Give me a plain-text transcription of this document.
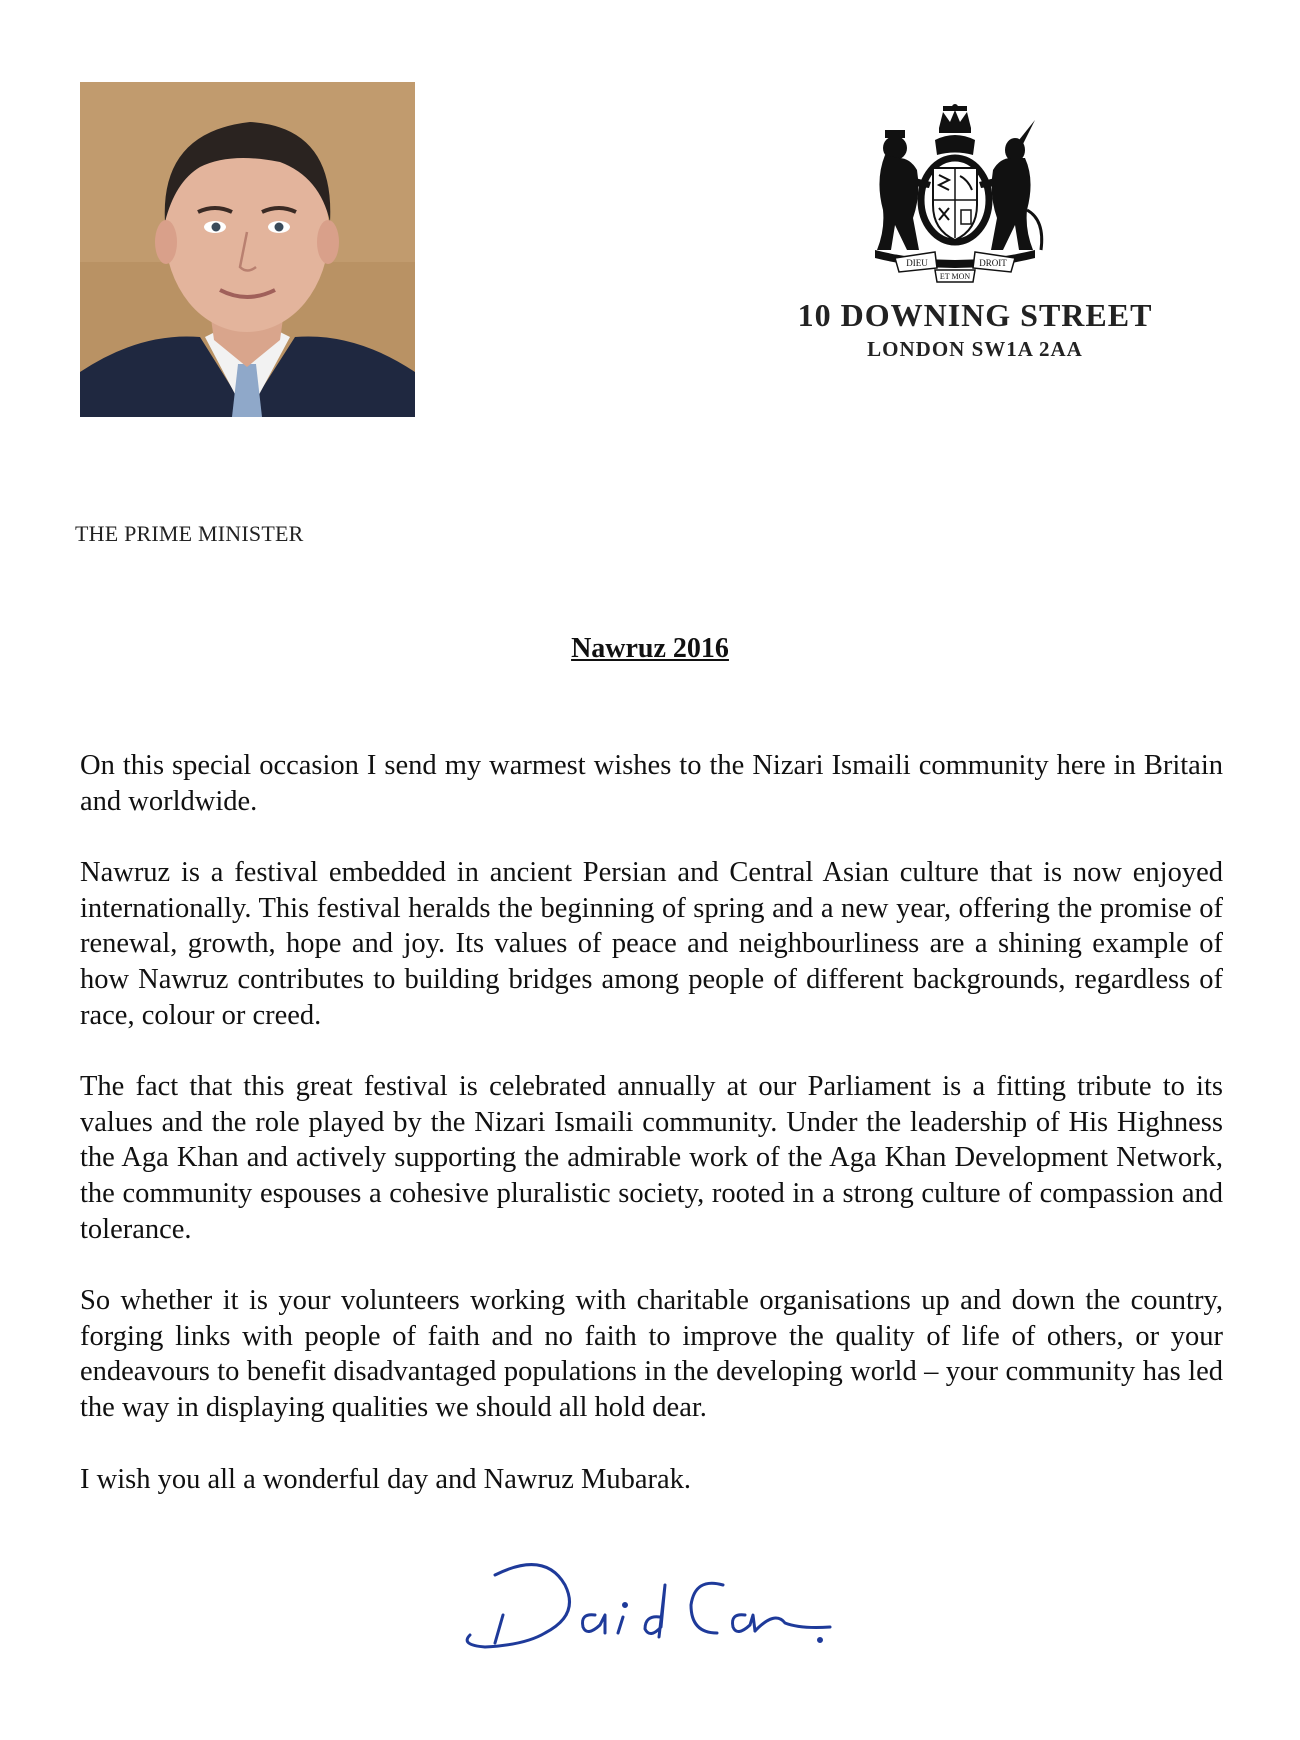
DIEU	DROIT
ET MON
10 DOWNING STREET
LONDON SW1A 2AA
THE PRIME MINISTER
Nawruz 2016

On this special occasion I send my warmest wishes to the Nizari Ismaili community here in Britain and worldwide.

Nawruz is a festival embedded in ancient Persian and Central Asian culture that is now enjoyed internationally. This festival heralds the beginning of spring and a new year, offering the promise of renewal, growth, hope and joy. Its values of peace and neighbourliness are a shining example of how Nawruz contributes to building bridges among people of different backgrounds, regardless of race, colour or creed.

The fact that this great festival is celebrated annually at our Parliament is a fitting tribute to its values and the role played by the Nizari Ismaili community. Under the leadership of His Highness the Aga Khan and actively supporting the admirable work of the Aga Khan Development Network, the community espouses a cohesive pluralistic society, rooted in a strong culture of compassion and tolerance.

So whether it is your volunteers working with charitable organisations up and down the country, forging links with people of faith and no faith to improve the quality of life of others, or your endeavours to benefit disadvantaged populations in the developing world – your community has led the way in displaying qualities we should all hold dear.

I wish you all a wonderful day and Nawruz Mubarak.
